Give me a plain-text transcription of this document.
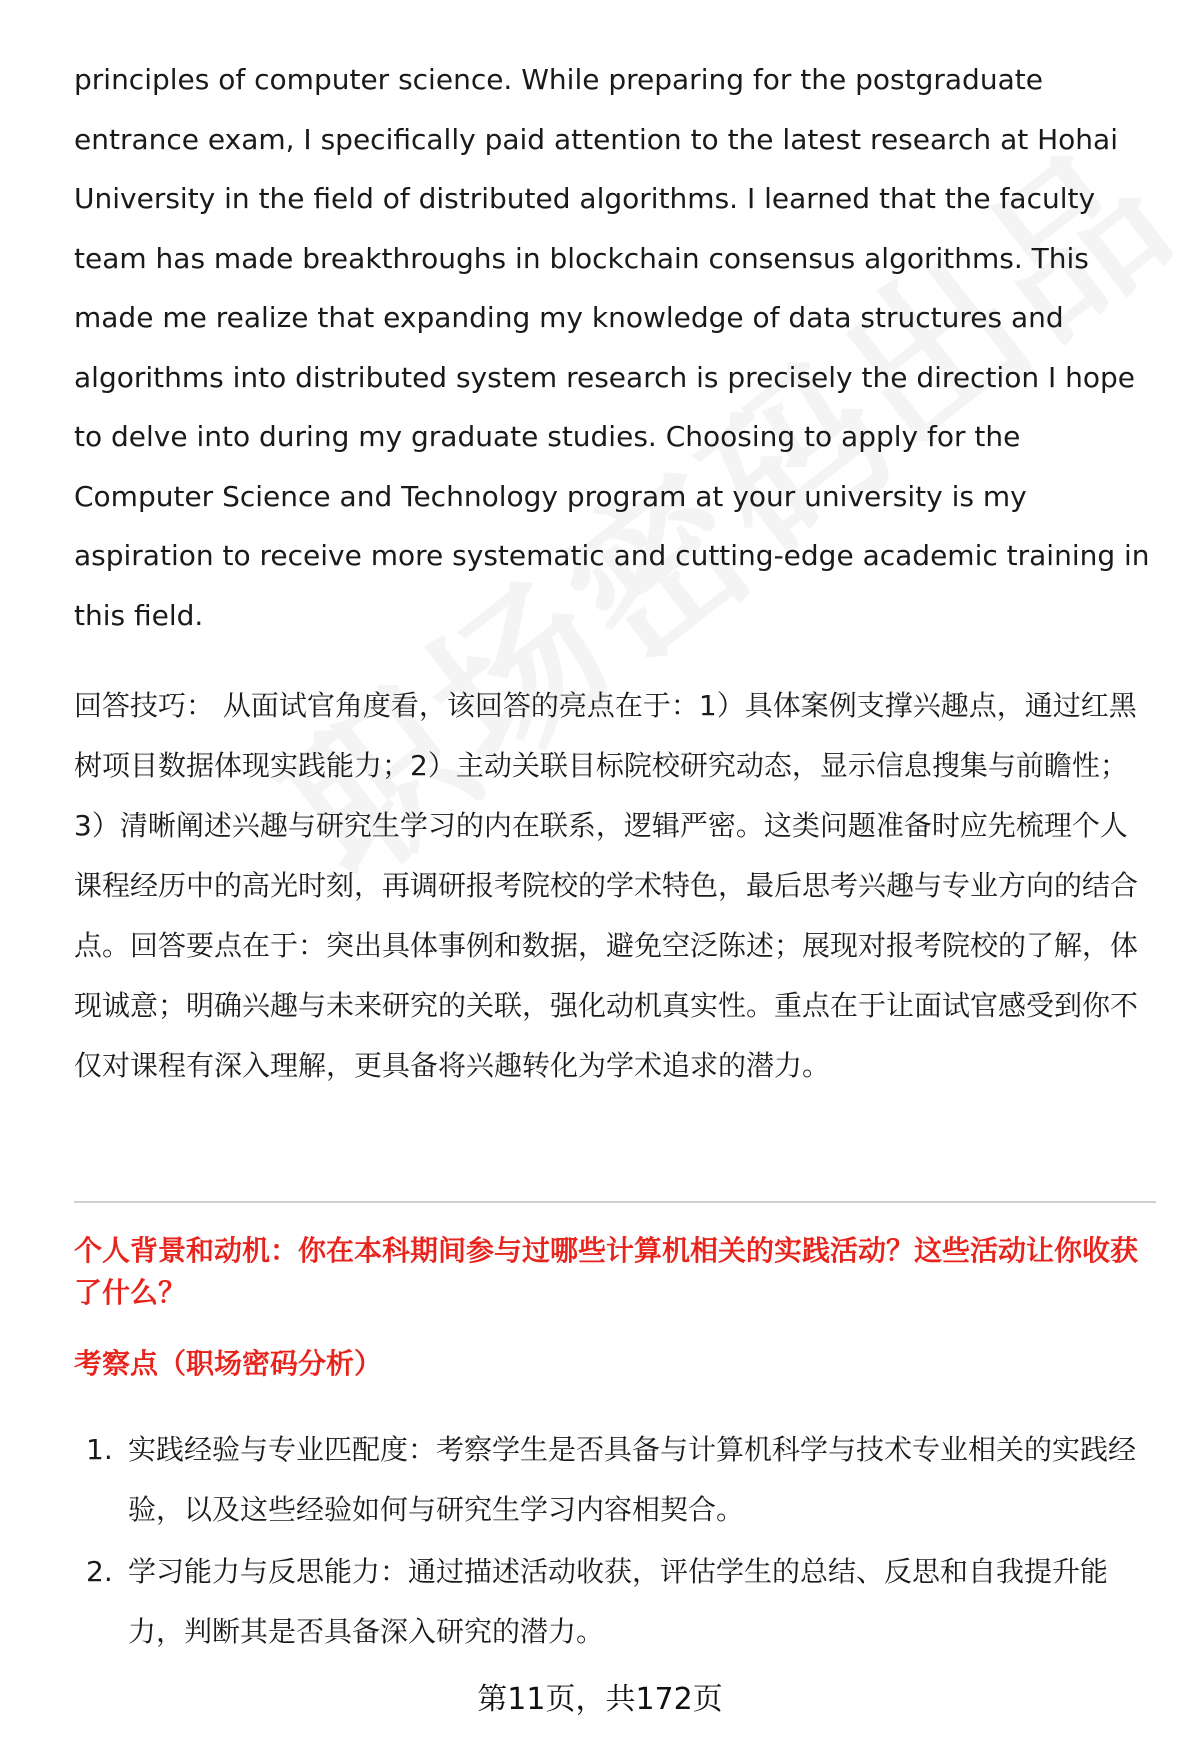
principles of computer science. While preparing for the postgraduate entrance exam, I specifically paid attention to the latest research at Hohai University in the field of distributed algorithms. I learned that the faculty team has made breakthroughs in blockchain consensus algorithms. This made me realize that expanding my knowledge of data structures and algorithms into distributed system research is precisely the direction I hope to delve into during my graduate studies. Choosing to apply for the Computer Science and Technology program at your university is my aspiration to receive more systematic and cutting-edge academic training in this field.

回答技巧： 从面试官角度看，该回答的亮点在于：1）具体案例支撑兴趣点，通过红黑树项目数据体现实践能力；2）主动关联目标院校研究动态，显示信息搜集与前瞻性；3）清晰阐述兴趣与研究生学习的内在联系，逻辑严密。这类问题准备时应先梳理个人课程经历中的高光时刻，再调研报考院校的学术特色，最后思考兴趣与专业方向的结合点。回答要点在于：突出具体事例和数据，避免空泛陈述；展现对报考院校的了解，体现诚意；明确兴趣与未来研究的关联，强化动机真实性。重点在于让面试官感受到你不仅对课程有深入理解，更具备将兴趣转化为学术追求的潜力。

个人背景和动机：你在本科期间参与过哪些计算机相关的实践活动？这些活动让你收获了什么？
考察点（职场密码分析）
1. 实践经验与专业匹配度：考察学生是否具备与计算机科学与技术专业相关的实践经验，以及这些经验如何与研究生学习内容相契合。
2. 学习能力与反思能力：通过描述活动收获，评估学生的总结、反思和自我提升能力，判断其是否具备深入研究的潜力。
第11页，共172页
